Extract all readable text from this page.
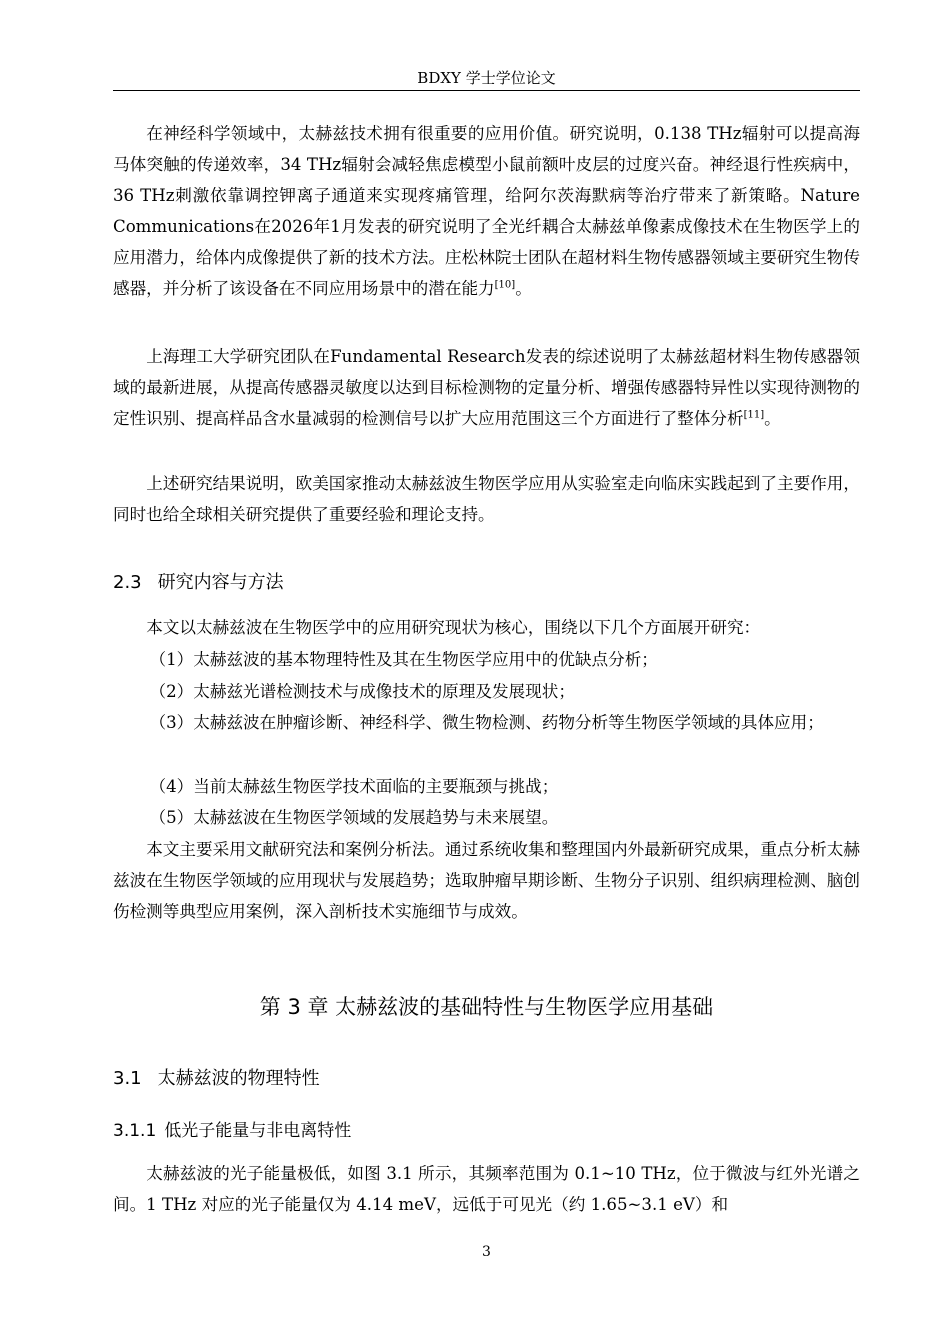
BDXY 学士学位论文

在神经科学领域中，太赫兹技术拥有很重要的应用价值。研究说明，0.138 THz辐射可以提高海马体突触的传递效率，34 THz辐射会减轻焦虑模型小鼠前额叶皮层的过度兴奋。神经退行性疾病中，36 THz刺激依靠调控钾离子通道来实现疼痛管理，给阿尔茨海默病等治疗带来了新策略。Nature Communications在2026年1月发表的研究说明了全光纤耦合太赫兹单像素成像技术在生物医学上的应用潜力，给体内成像提供了新的技术方法。庄松林院士团队在超材料生物传感器领域主要研究生物传感器，并分析了该设备在不同应用场景中的潜在能力[10]。

上海理工大学研究团队在Fundamental Research发表的综述说明了太赫兹超材料生物传感器领域的最新进展，从提高传感器灵敏度以达到目标检测物的定量分析、增强传感器特异性以实现待测物的定性识别、提高样品含水量减弱的检测信号以扩大应用范围这三个方面进行了整体分析[11]。

上述研究结果说明，欧美国家推动太赫兹波生物医学应用从实验室走向临床实践起到了主要作用，同时也给全球相关研究提供了重要经验和理论支持。

2.3 研究内容与方法

本文以太赫兹波在生物医学中的应用研究现状为核心，围绕以下几个方面展开研究：

（1）太赫兹波的基本物理特性及其在生物医学应用中的优缺点分析；

（2）太赫兹光谱检测技术与成像技术的原理及发展现状；

（3）太赫兹波在肿瘤诊断、神经科学、微生物检测、药物分析等生物医学领域的具体应用；

（4）当前太赫兹生物医学技术面临的主要瓶颈与挑战；

（5）太赫兹波在生物医学领域的发展趋势与未来展望。

本文主要采用文献研究法和案例分析法。通过系统收集和整理国内外最新研究成果，重点分析太赫兹波在生物医学领域的应用现状与发展趋势；选取肿瘤早期诊断、生物分子识别、组织病理检测、脑创伤检测等典型应用案例，深入剖析技术实施细节与成效。

第 3 章 太赫兹波的基础特性与生物医学应用基础
3.1 太赫兹波的物理特性
3.1.1 低光子能量与非电离特性

太赫兹波的光子能量极低，如图 3.1 所示，其频率范围为 0.1~10 THz，位于微波与红外光谱之间。1 THz 对应的光子能量仅为 4.14 meV，远低于可见光（约 1.65~3.1 eV）和

3
